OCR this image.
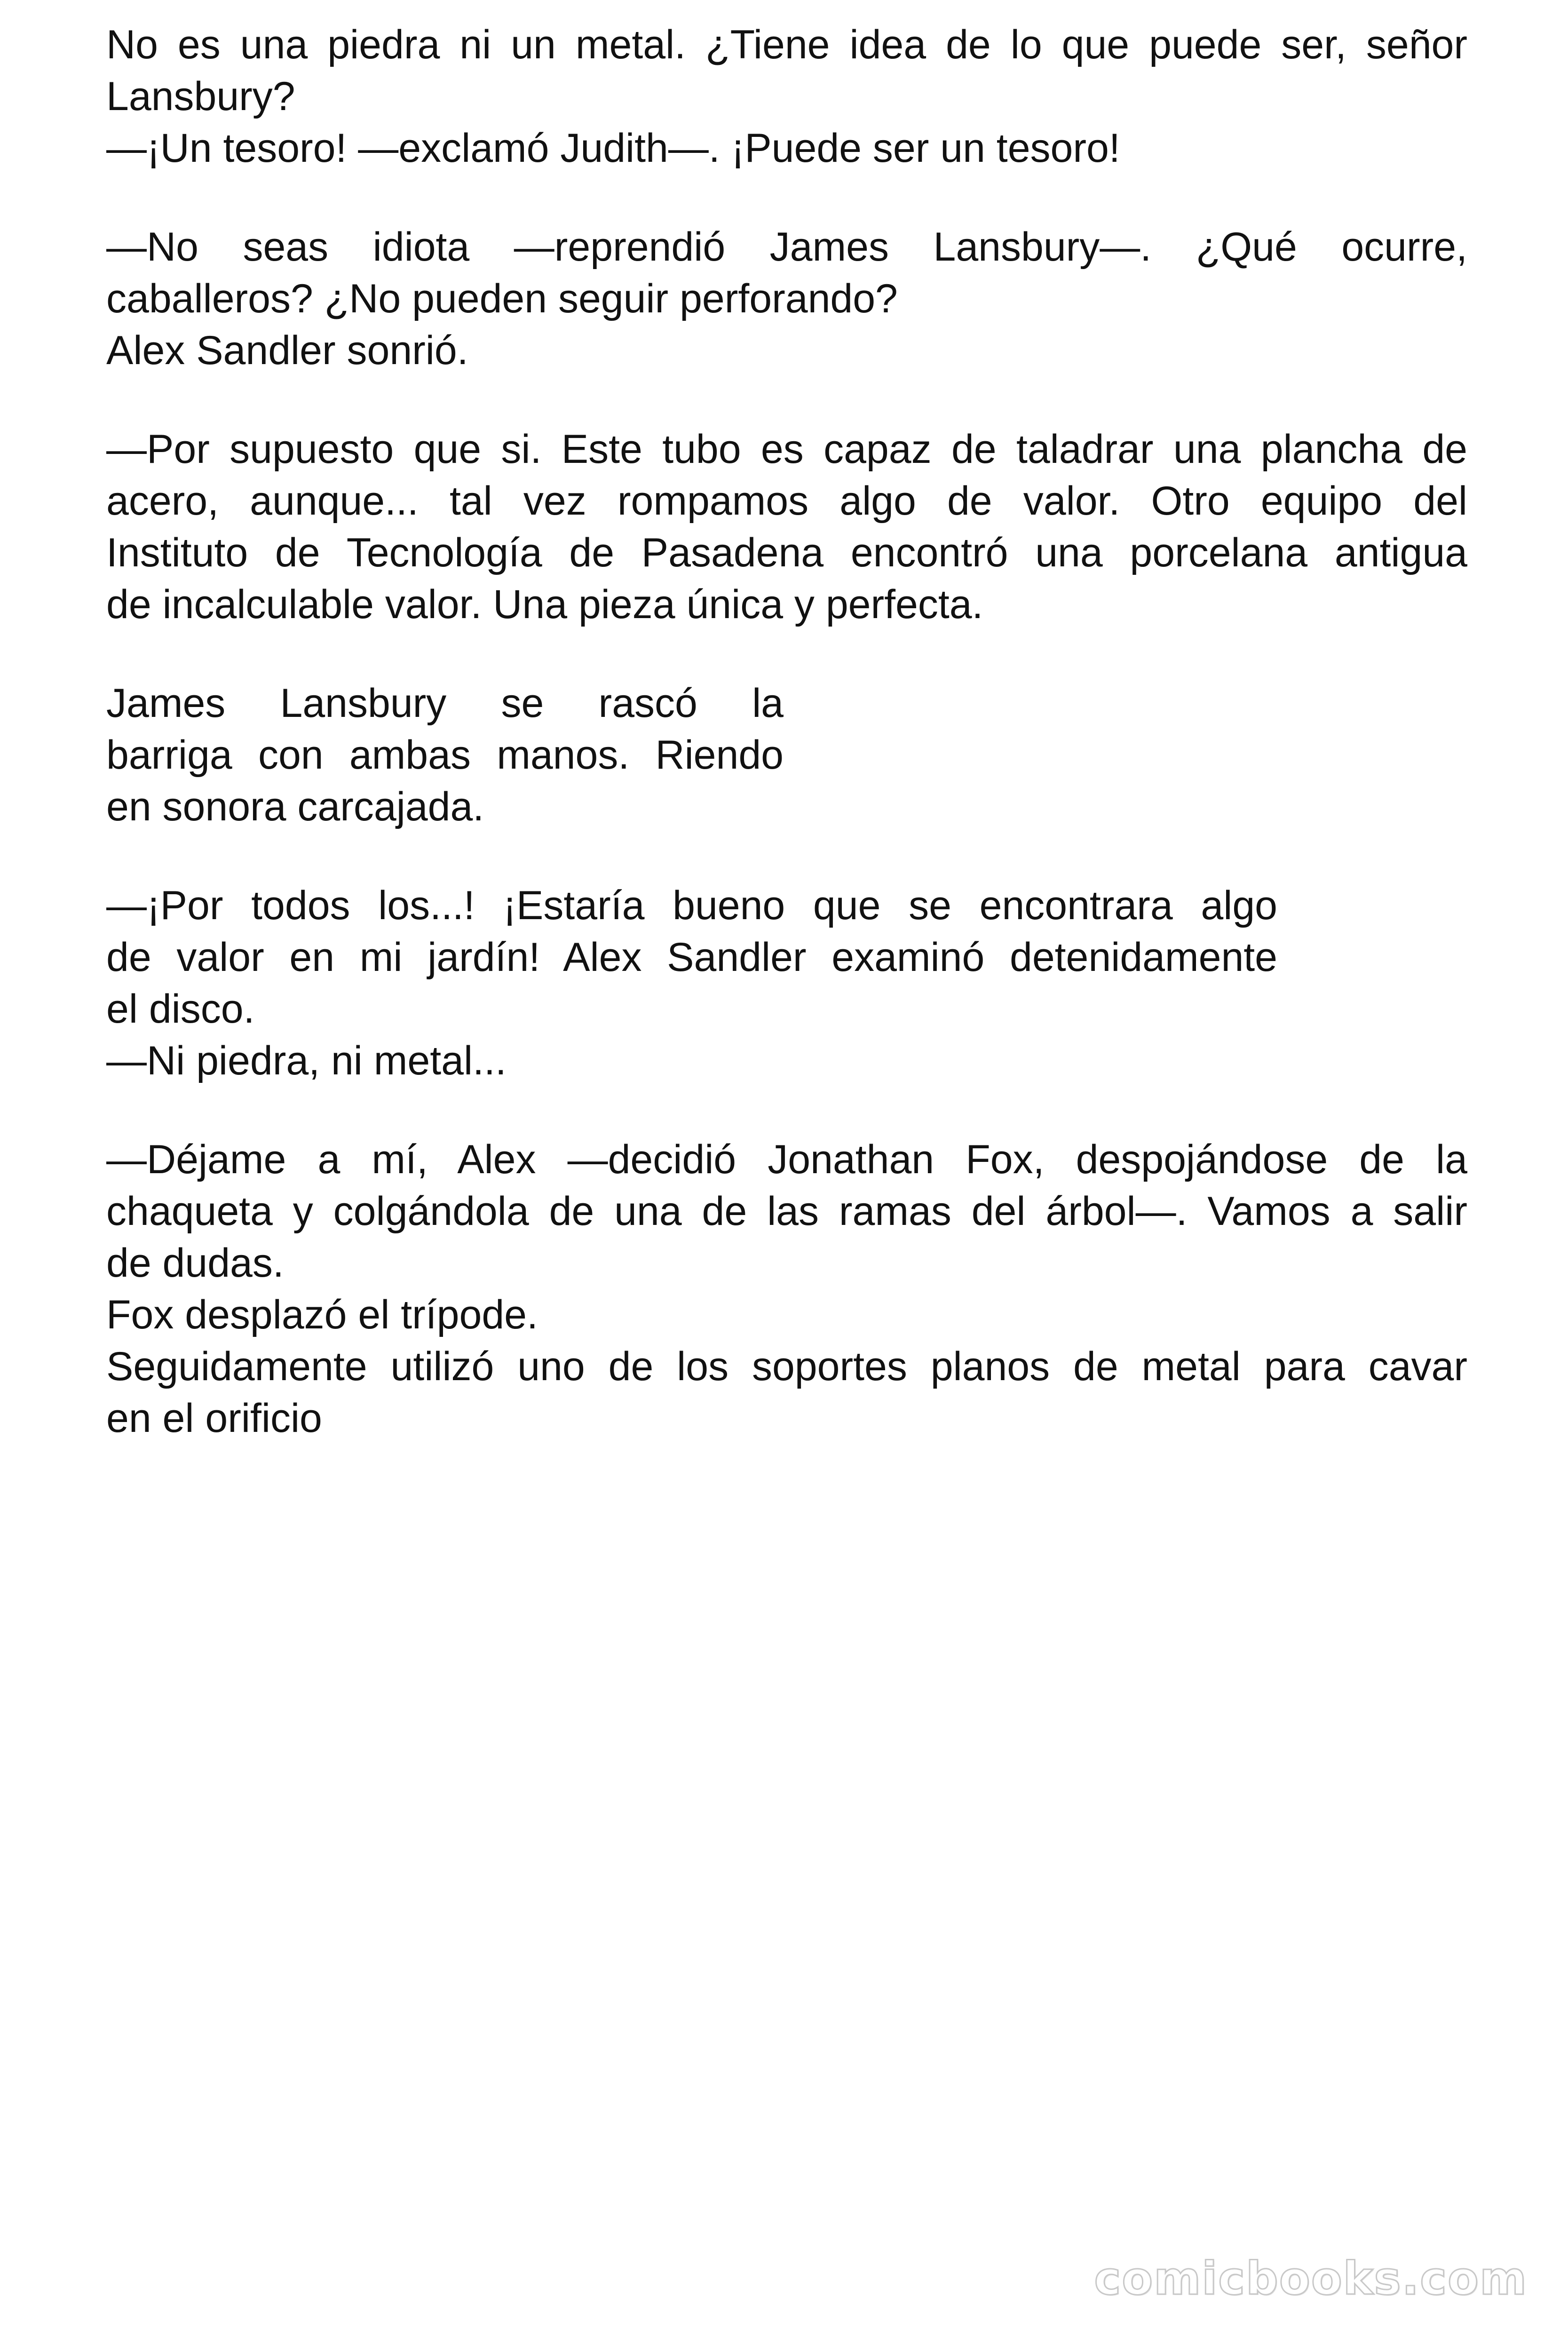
No es una piedra ni un metal. ¿Tiene idea de lo que puede ser, señor
Lansbury?
—¡Un tesoro! —exclamó Judith—. ¡Puede ser un tesoro!
—No seas idiota —reprendió James Lansbury—. ¿Qué ocurre,
caballeros? ¿No pueden seguir perforando?
Alex Sandler sonrió.
—Por supuesto que si. Este tubo es capaz de taladrar una plancha de
acero, aunque... tal vez rompamos algo de valor. Otro equipo del
Instituto de Tecnología de Pasadena encontró una porcelana antigua
de incalculable valor. Una pieza única y perfecta.
James Lansbury se rascó la
barriga con ambas manos. Riendo
en sonora carcajada.
—¡Por todos los...! ¡Estaría bueno que se encontrara algo
de valor en mi jardín! Alex Sandler examinó detenidamente
el disco.
—Ni piedra, ni metal...
—Déjame a mí, Alex —decidió Jonathan Fox, despojándose de la
chaqueta y colgándola de una de las ramas del árbol—. Vamos a salir
de dudas.
Fox desplazó el trípode.
Seguidamente utilizó uno de los soportes planos de metal para cavar
en el orificio
comicbooks.com
